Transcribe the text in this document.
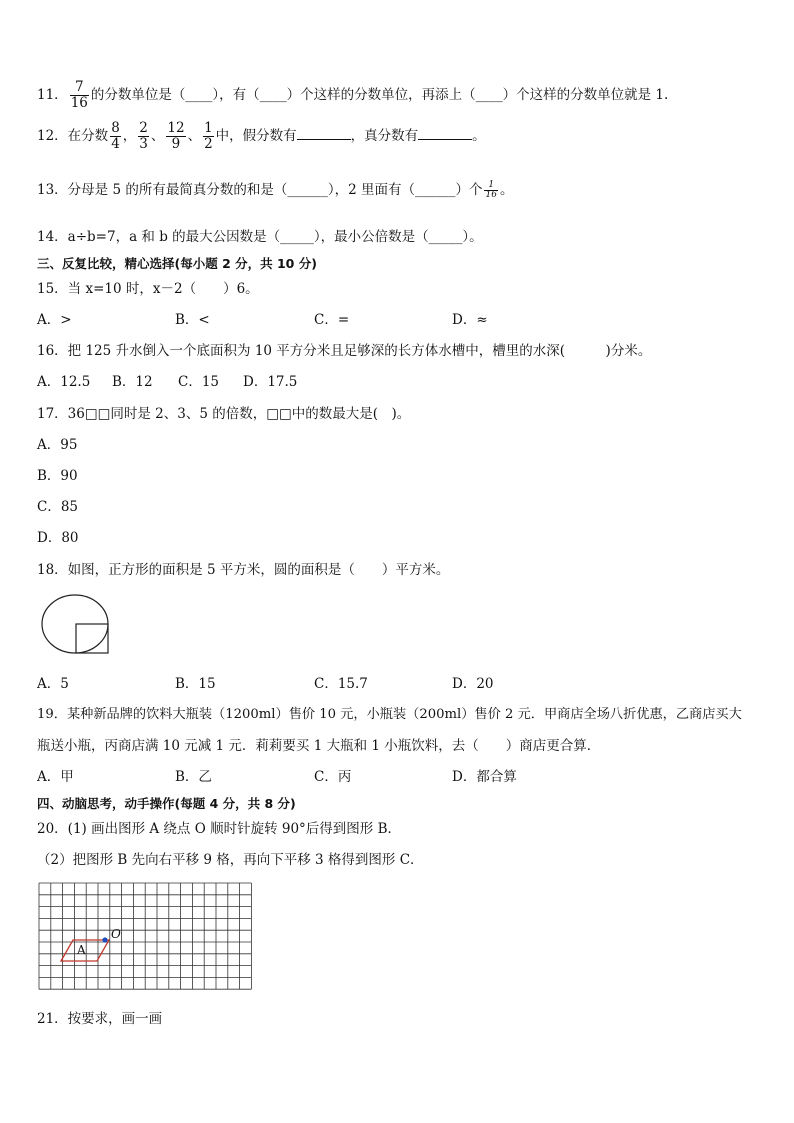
11． $\frac{7}{16}$ 的分数单位是（____），有（____）个这样的分数单位，再添上（____）个这样的分数单位就是 1.
12．在分数 $\frac{8}{4}$ ， $\frac{2}{3}$ 、 $\frac{12}{9}$ 、 $\frac{1}{2}$ 中，假分数有	，真分数有	。
13．分母是 5 的所有最简真分数的和是（______），2 里面有（______）个 $\frac{1}{16}$ 。
14．a÷b=7，a 和 b 的最大公因数是（_____），最小公倍数是（_____）。
三、反复比较，精心选择(每小题 2 分，共 10 分)
15．当 x=10 时，x－2（　　）6。
A．>	B．<	C．=	D．≈
16．把 125 升水倒入一个底面积为 10 平方分米且足够深的长方体水槽中，槽里的水深(　　　)分米。
A．12.5 B．12 C．15 D．17.5
17．36□□同时是 2、3、5 的倍数，□□中的数最大是(　)。
A．95
B．90
C．85
D．80
18．如图，正方形的面积是 5 平方米，圆的面积是（　　）平方米。
A．5	B．15	C．15.7	D．20
19．某种新品牌的饮料大瓶装（1200ml）售价 10 元，小瓶装（200ml）售价 2 元．甲商店全场八折优惠，乙商店买大
瓶送小瓶，丙商店满 10 元减 1 元．莉莉要买 1 大瓶和 1 小瓶饮料，去（　　）商店更合算．
A．甲	B．乙	C．丙	D．都合算
四、动脑思考，动手操作(每题 4 分，共 8 分)
20．(1) 画出图形 A 绕点 O 顺时针旋转 90°后得到图形 B．
（2）把图形 B 先向右平移 9 格，再向下平移 3 格得到图形 C．
A
O
21．按要求，画一画
